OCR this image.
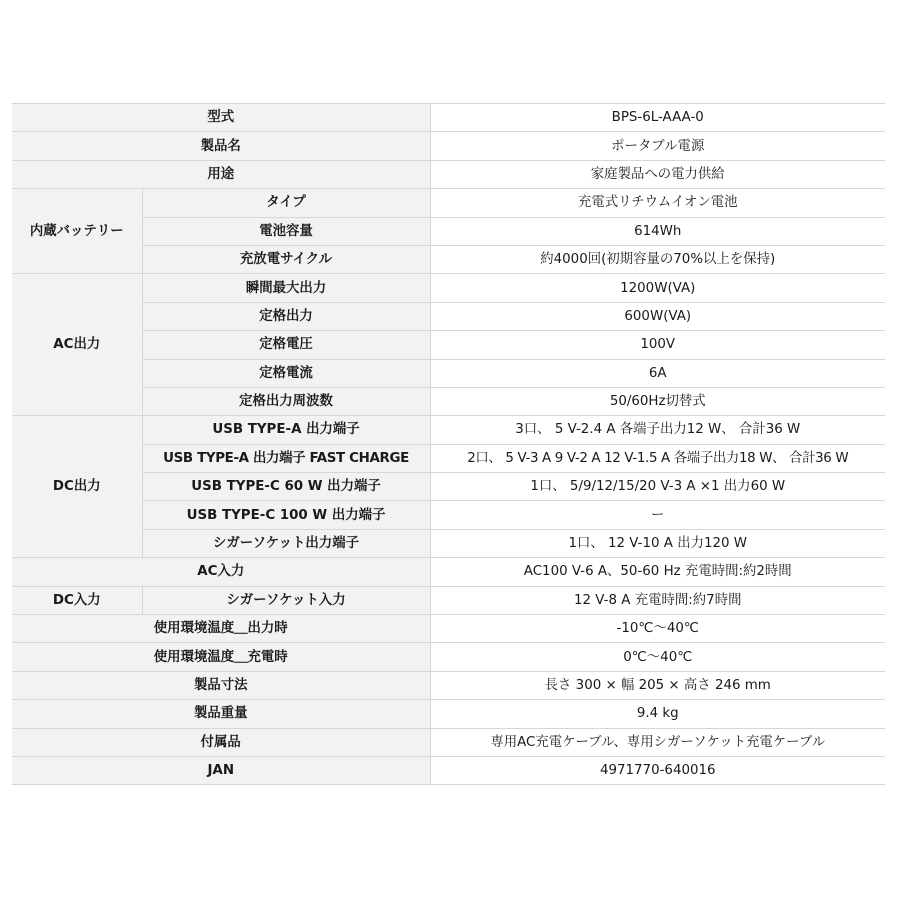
型式		BPS-6L-AAA-0
製品名		ポータブル電源
用途		家庭製品への電力供給
内蔵バッテリー	タイプ	充電式リチウムイオン電池
	電池容量	614Wh
	充放電サイクル	約4000回(初期容量の70%以上を保持)
AC出力	瞬間最大出力	1200W(VA)
	定格出力	600W(VA)
	定格電圧	100V
	定格電流	6A
	定格出力周波数	50/60Hz切替式
DC出力	USB TYPE-A 出力端子	3口、 5 V-2.4 A 各端子出力12 W、 合計36 W
	USB TYPE-A 出力端子 FAST CHARGE	2口、 5 V-3 A 9 V-2 A 12 V-1.5 A 各端子出力18 W、 合計36 W
	USB TYPE-C 60 W 出力端子	1口、 5/9/12/15/20 V-3 A ×1 出力60 W
	USB TYPE-C 100 W 出力端子	ー
	シガーソケット出力端子	1口、 12 V-10 A 出力120 W
AC入力		AC100 V-6 A、50-60 Hz 充電時間:約2時間
DC入力	シガーソケット入力	12 V-8 A 充電時間:約7時間
使用環境温度＿出力時		-10℃〜40℃
使用環境温度＿充電時		0℃〜40℃
製品寸法		長さ 300 × 幅 205 × 高さ 246 mm
製品重量		9.4 kg
付属品		専用AC充電ケーブル、専用シガーソケット充電ケーブル
JAN		4971770-640016
